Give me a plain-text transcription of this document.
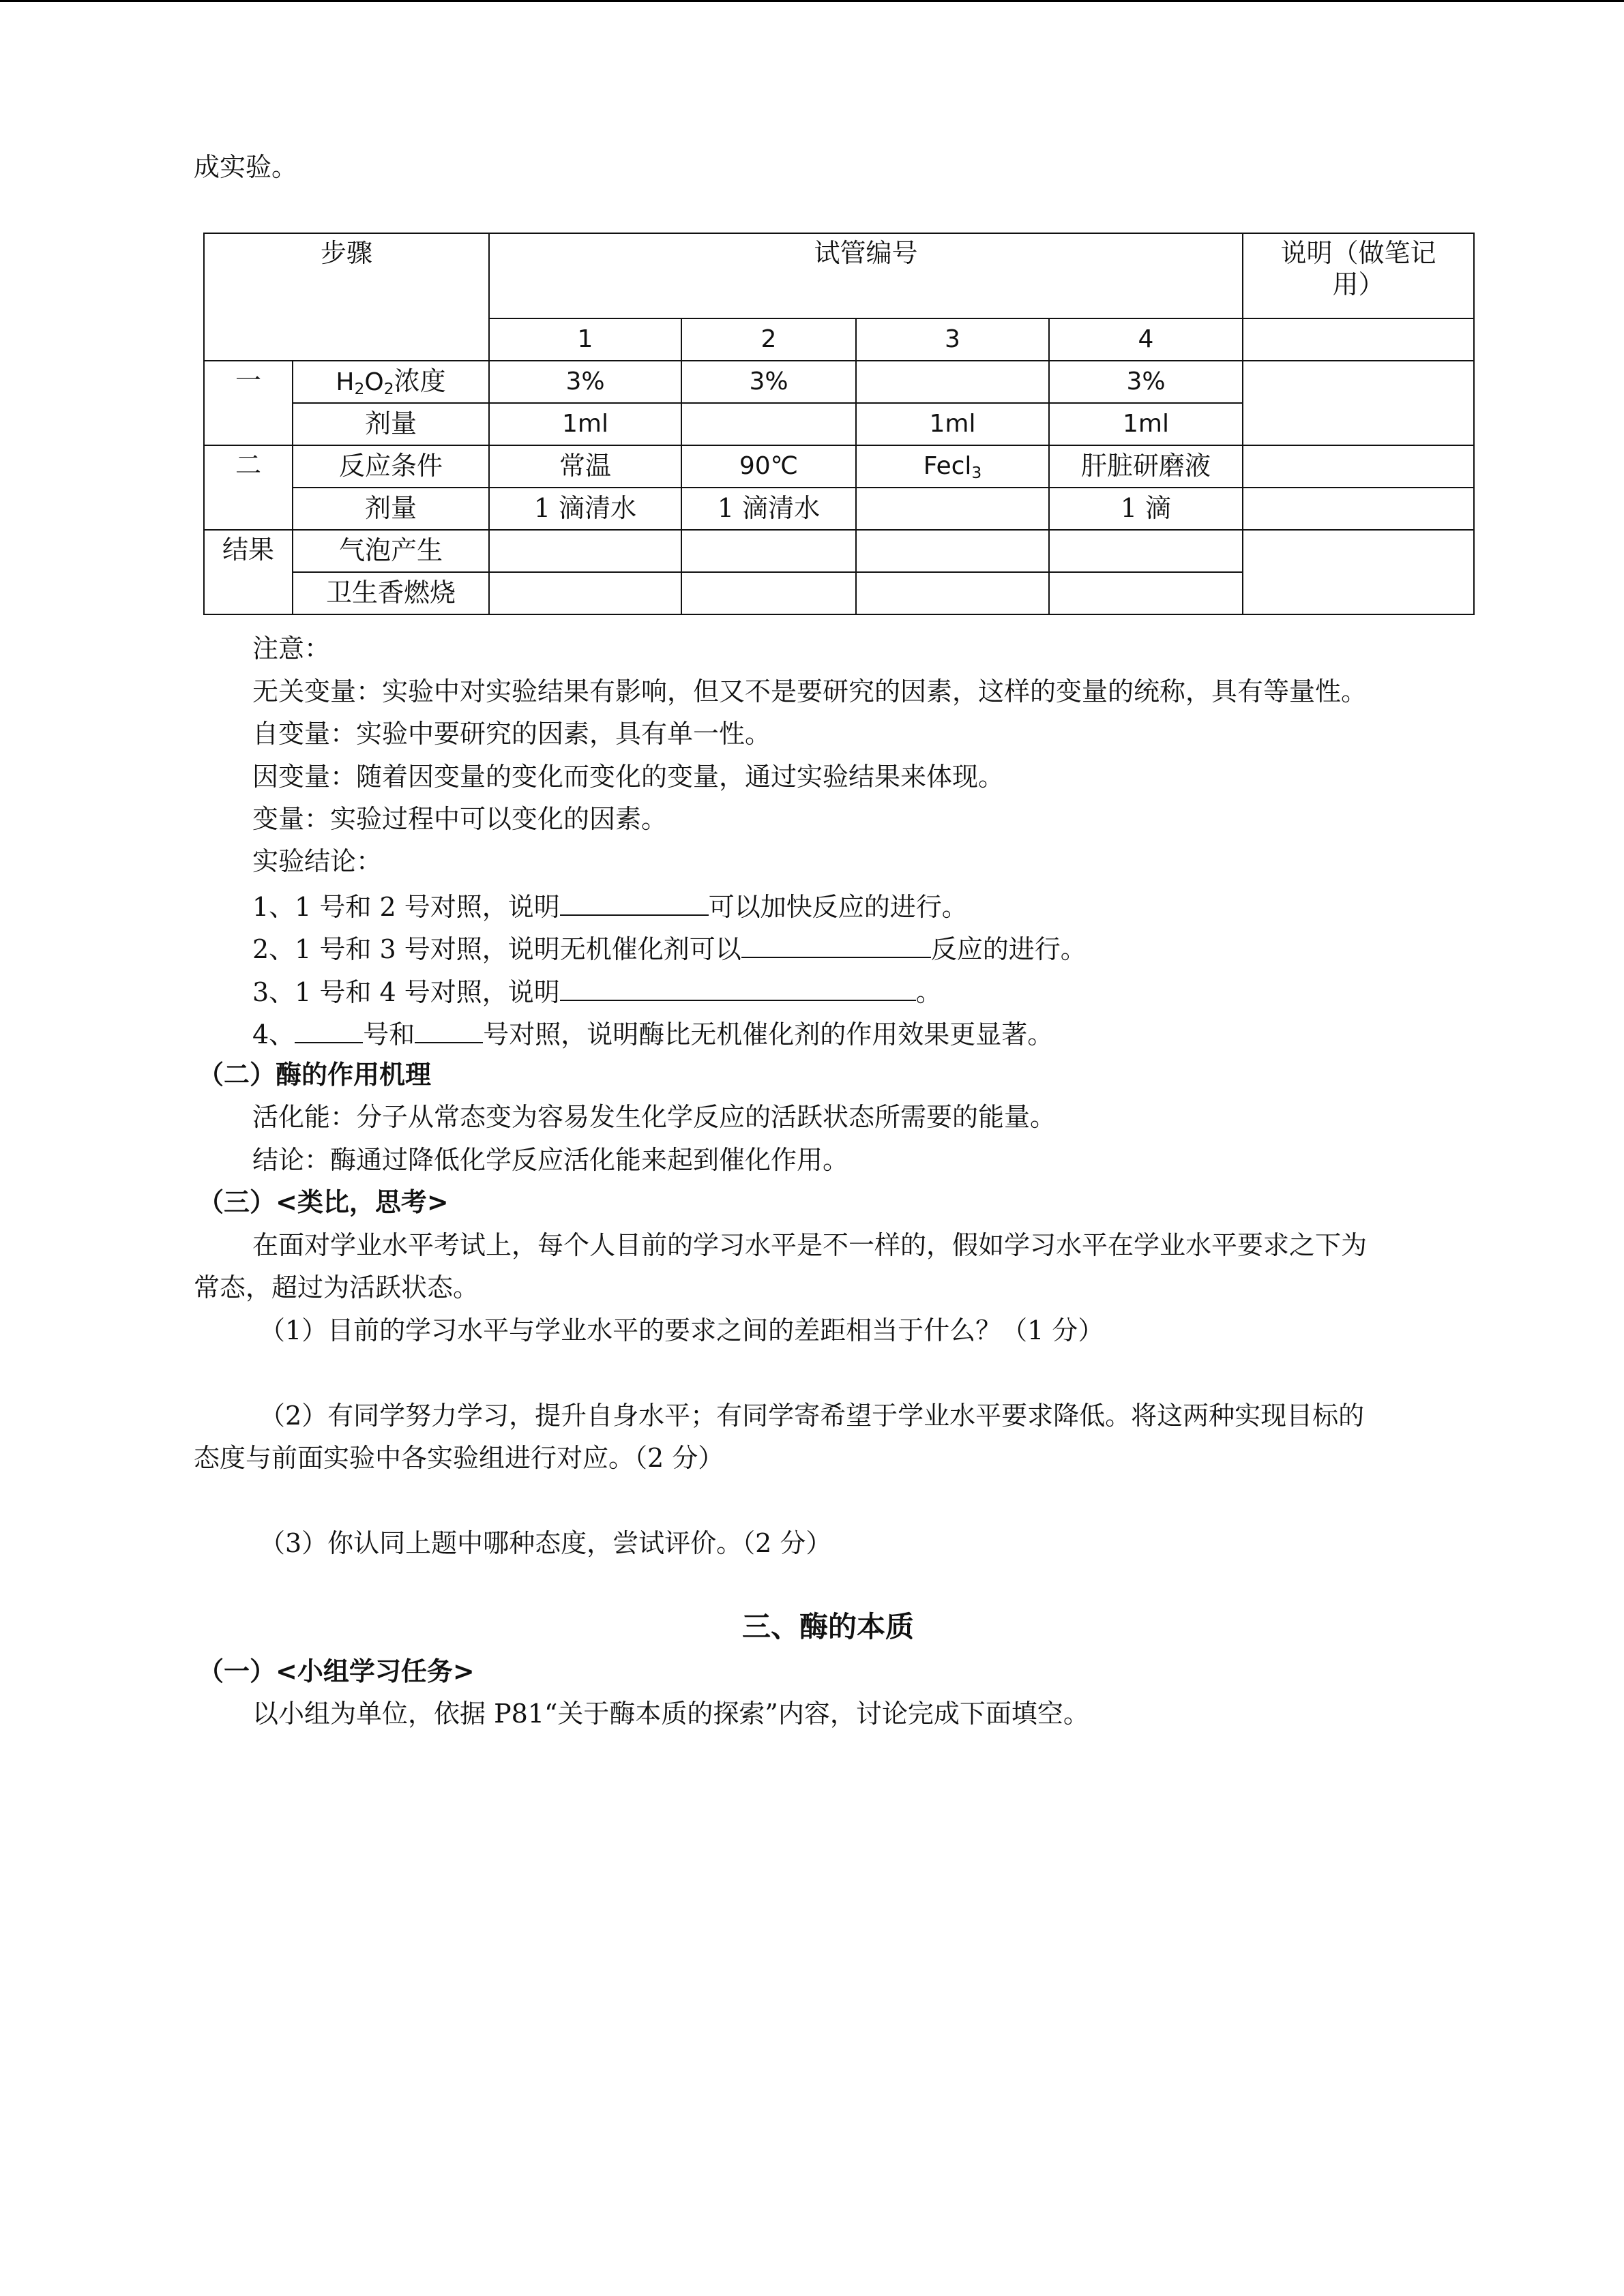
成实验。
步骤		试管编号				说明（做笔记用）
		1	2	3	4	
一	$H_2O_2$浓度	3%	3%		3%	
	剂量	1ml		1ml	1ml	
二	反应条件	常温	90℃	Fecl$_3$	肝脏研磨液	
	剂量	1 滴清水	1 滴清水		1 滴	
结果	气泡产生					
	卫生香燃烧					
注意：
无关变量：实验中对实验结果有影响，但又不是要研究的因素，这样的变量的统称，具有等量性。
自变量：实验中要研究的因素，具有单一性。
因变量：随着因变量的变化而变化的变量，通过实验结果来体现。
变量：实验过程中可以变化的因素。
实验结论：
1、1 号和 2 号对照，说明	可以加快反应的进行。
2、1 号和 3 号对照，说明无机催化剂可以	反应的进行。
3、1 号和 4 号对照，说明	。
4、	号和	号对照，说明酶比无机催化剂的作用效果更显著。
（二）酶的作用机理
活化能：分子从常态变为容易发生化学反应的活跃状态所需要的能量。
结论：酶通过降低化学反应活化能来起到催化作用。
（三）<类比，思考>
在面对学业水平考试上，每个人目前的学习水平是不一样的，假如学习水平在学业水平要求之下为
常态，超过为活跃状态。
（1）目前的学习水平与学业水平的要求之间的差距相当于什么？（1 分）
（2）有同学努力学习，提升自身水平；有同学寄希望于学业水平要求降低。将这两种实现目标的
态度与前面实验中各实验组进行对应。（2 分）
（3）你认同上题中哪种态度，尝试评价。（2 分）
三、酶的本质
（一）<小组学习任务>
以小组为单位，依据 P81“关于酶本质的探索”内容，讨论完成下面填空。
